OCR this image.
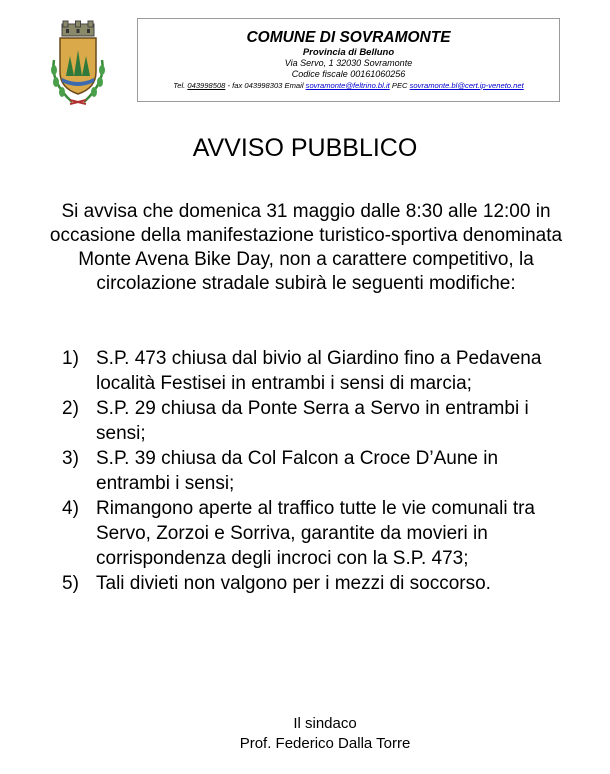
COMUNE DI SOVRAMONTE
Provincia di Belluno
Via Servo, 1 32030 Sovramonte
Codice fiscale 00161060256
Tel. 043998508 - fax 043998303 Email sovramonte@feltrino.bl.it PEC sovramonte.bl@cert.ip-veneto.net
AVVISO PUBBLICO
Si avvisa che domenica 31 maggio dalle 8:30 alle 12:00 in occasione della manifestazione turistico-sportiva denominata Monte Avena Bike Day, non a carattere competitivo, la circolazione stradale subirà le seguenti modifiche:
1) S.P. 473 chiusa dal bivio al Giardino fino a Pedavena località Festisei in entrambi i sensi di marcia;
2) S.P. 29 chiusa da Ponte Serra a Servo in entrambi i sensi;
3) S.P. 39 chiusa da Col Falcon a Croce D’Aune in entrambi i sensi;
4) Rimangono aperte al traffico tutte le vie comunali tra Servo, Zorzoi e Sorriva, garantite da movieri in corrispondenza degli incroci con la S.P. 473;
5) Tali divieti non valgono per i mezzi di soccorso.
Il sindaco
Prof. Federico Dalla Torre
